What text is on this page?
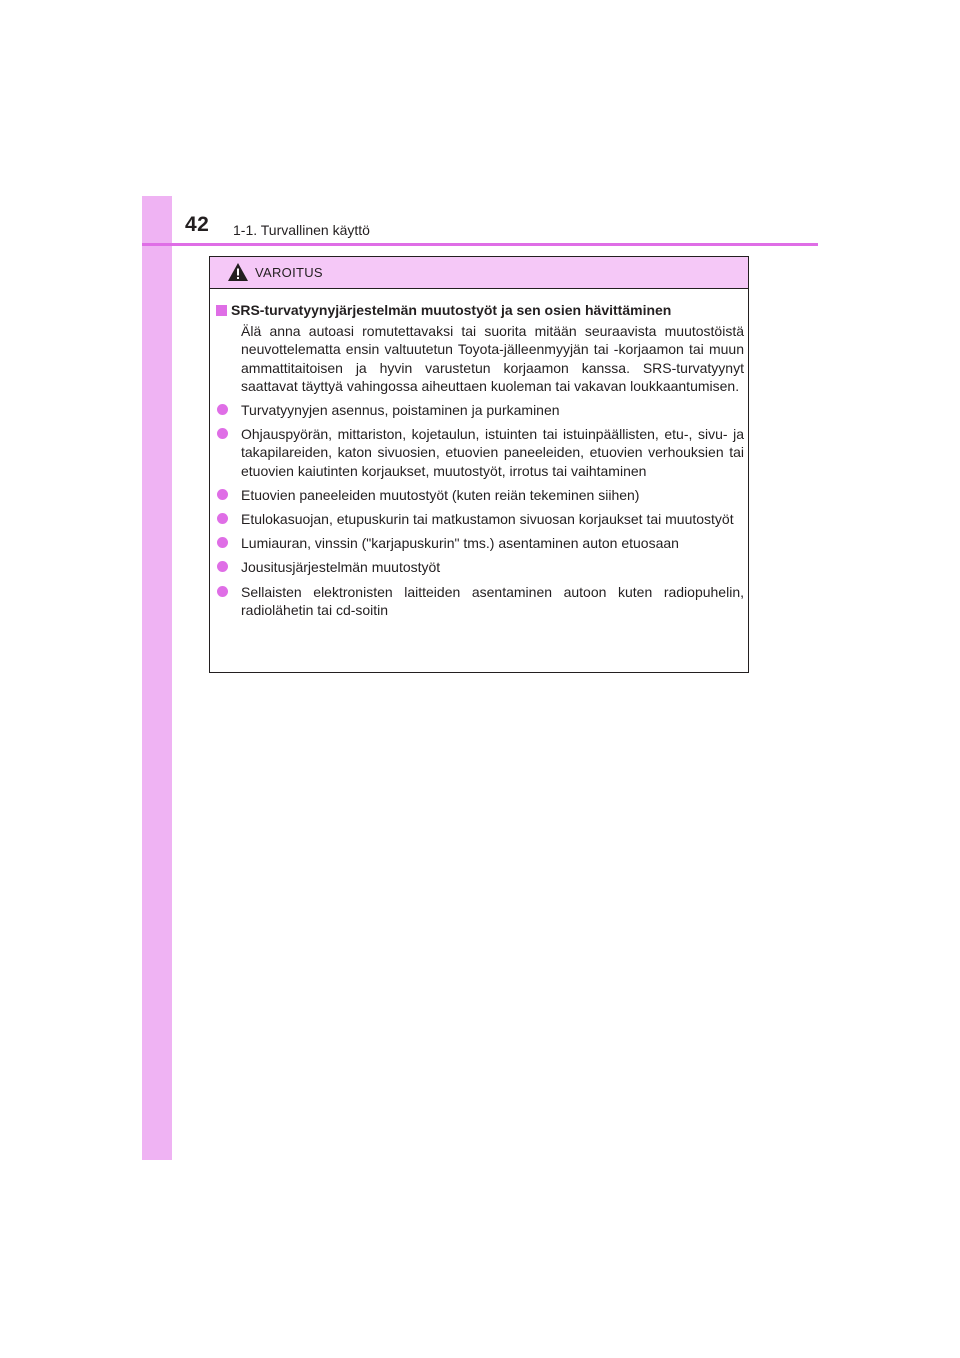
42 1-1. Turvallinen käyttö
VAROITUS
SRS-turvatyynyjärjestelmän muutostyöt ja sen osien hävittäminen

Älä anna autoasi romutettavaksi tai suorita mitään seuraavista muutostöistä neuvottelematta ensin valtuutetun Toyota-jälleenmyyjän tai -korjaamon tai muun ammattitaitoisen ja hyvin varustetun korjaamon kanssa. SRS-turvatyynyt saattavat täyttyä vahingossa aiheuttaen kuoleman tai vakavan loukkaantumisen.

Turvatyynyjen asennus, poistaminen ja purkaminen
Ohjauspyörän, mittariston, kojetaulun, istuinten tai istuinpäällisten, etu-, sivu- ja takapilareiden, katon sivuosien, etuovien paneeleiden, etuovien verhouksien tai etuovien kaiutinten korjaukset, muutostyöt, irrotus tai vaihtaminen
Etuovien paneeleiden muutostyöt (kuten reiän tekeminen siihen)
Etulokasuojan, etupuskurin tai matkustamon sivuosan korjaukset tai muutostyöt
Lumiauran, vinssin ("karjapuskurin" tms.) asentaminen auton etuosaan
Jousitusjärjestelmän muutostyöt
Sellaisten elektronisten laitteiden asentaminen autoon kuten radiopuhelin, radiolähetin tai cd-soitin
